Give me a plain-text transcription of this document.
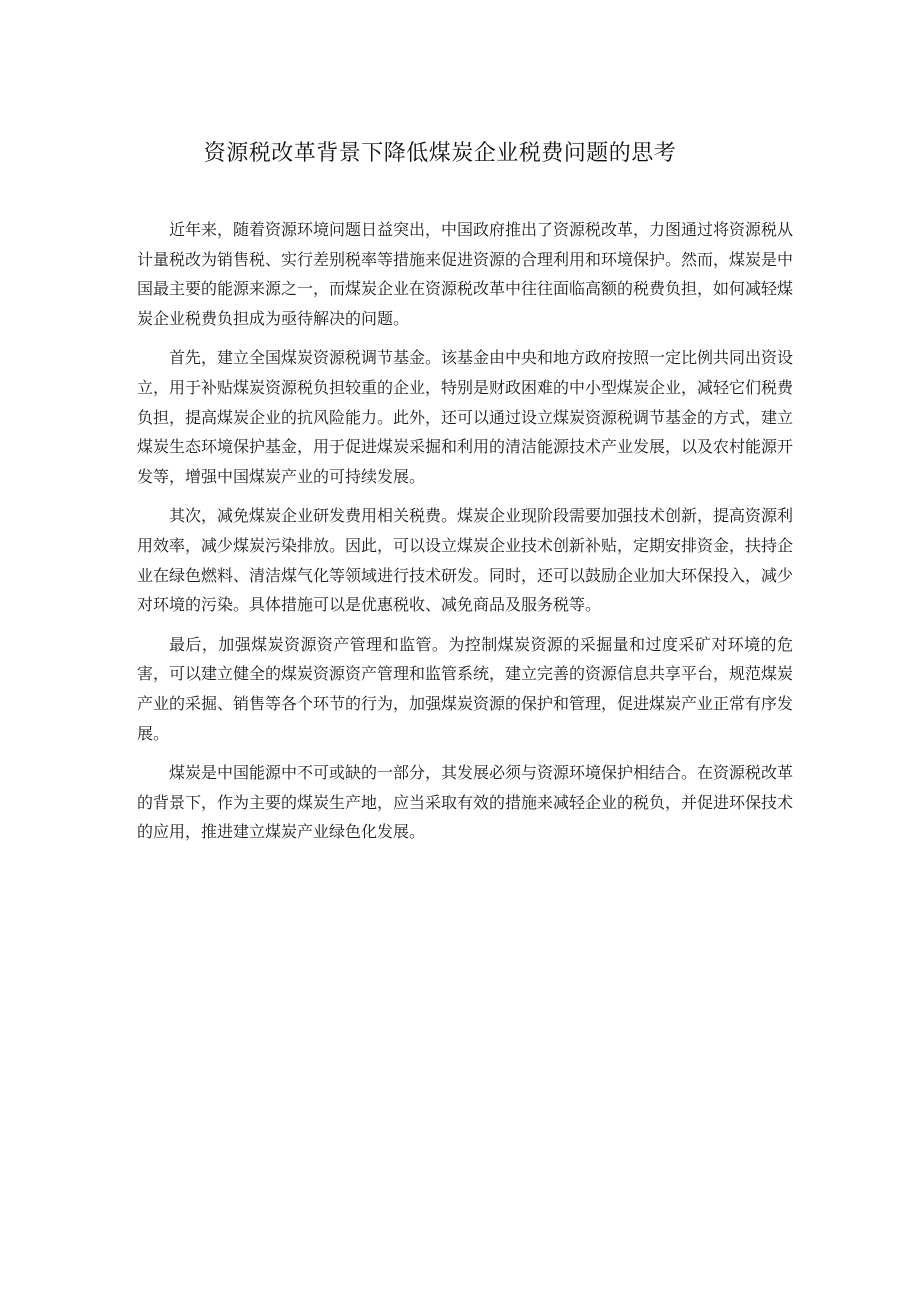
资源税改革背景下降低煤炭企业税费问题的思考

近年来，随着资源环境问题日益突出，中国政府推出了资源税改革，力图通过将资源税从计量税改为销售税、实行差别税率等措施来促进资源的合理利用和环境保护。然而，煤炭是中国最主要的能源来源之一，而煤炭企业在资源税改革中往往面临高额的税费负担，如何减轻煤炭企业税费负担成为亟待解决的问题。

首先，建立全国煤炭资源税调节基金。该基金由中央和地方政府按照一定比例共同出资设立，用于补贴煤炭资源税负担较重的企业，特别是财政困难的中小型煤炭企业，减轻它们税费负担，提高煤炭企业的抗风险能力。此外，还可以通过设立煤炭资源税调节基金的方式，建立煤炭生态环境保护基金，用于促进煤炭采掘和利用的清洁能源技术产业发展，以及农村能源开发等，增强中国煤炭产业的可持续发展。

其次，减免煤炭企业研发费用相关税费。煤炭企业现阶段需要加强技术创新，提高资源利用效率，减少煤炭污染排放。因此，可以设立煤炭企业技术创新补贴，定期安排资金，扶持企业在绿色燃料、清洁煤气化等领域进行技术研发。同时，还可以鼓励企业加大环保投入，减少对环境的污染。具体措施可以是优惠税收、减免商品及服务税等。

最后，加强煤炭资源资产管理和监管。为控制煤炭资源的采掘量和过度采矿对环境的危害，可以建立健全的煤炭资源资产管理和监管系统，建立完善的资源信息共享平台，规范煤炭产业的采掘、销售等各个环节的行为，加强煤炭资源的保护和管理，促进煤炭产业正常有序发展。

煤炭是中国能源中不可或缺的一部分，其发展必须与资源环境保护相结合。在资源税改革的背景下，作为主要的煤炭生产地，应当采取有效的措施来减轻企业的税负，并促进环保技术的应用，推进建立煤炭产业绿色化发展。
